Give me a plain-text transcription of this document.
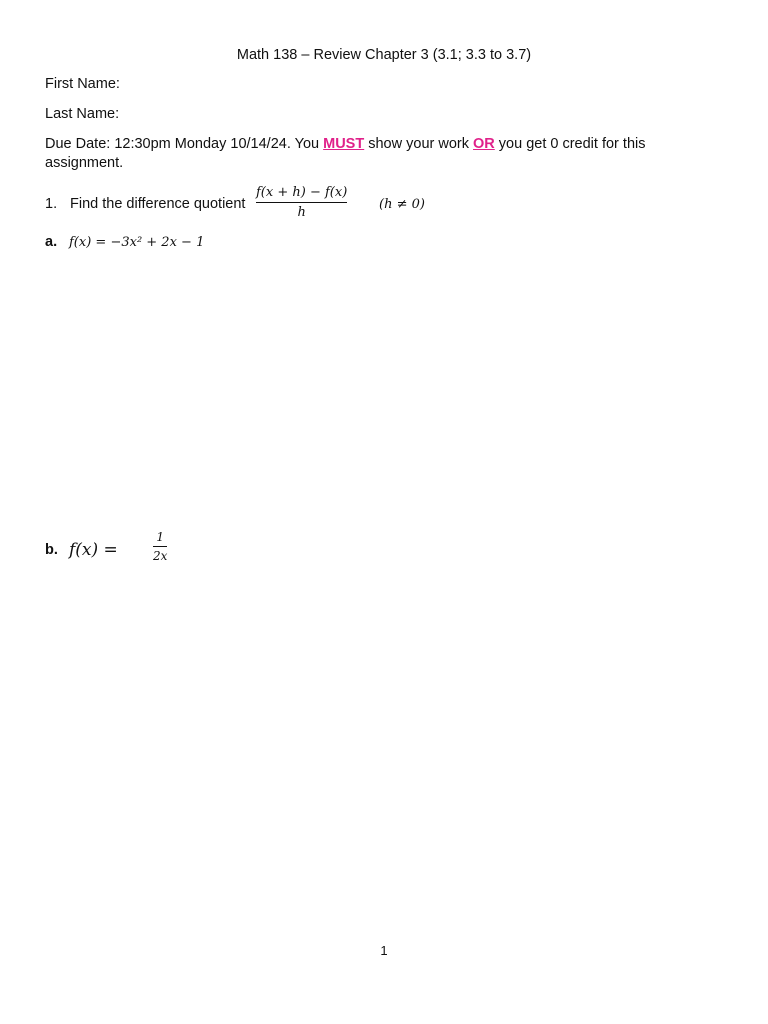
Math 138 – Review Chapter 3 (3.1; 3.3 to 3.7)
First Name:
Last Name:
Due Date: 12:30pm Monday 10/14/24. You MUST show your work OR you get 0 credit for this assignment.
1. Find the difference quotient
f(x + h) − f(x)
h
(h ≠ 0)
a. f(x) = −3x² + 2x − 1
b. f(x) =
1
2x
1
